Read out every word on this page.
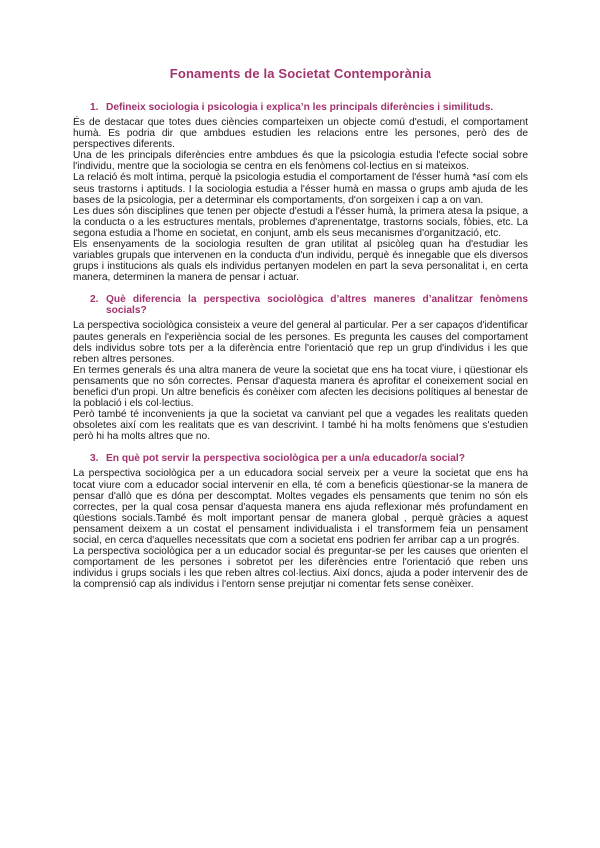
Fonaments de la Societat Contemporània
1. Defineix sociologia i psicologia i explica’n les principals diferències i similituds.

És de destacar que totes dues ciències comparteixen un objecte comú d'estudi, el comportament humà. Es podria dir que ambdues estudien les relacions entre les persones, però des de perspectives diferents.

Una de les principals diferències entre ambdues és que la psicologia estudia l'efecte social sobre l'individu, mentre que la sociologia se centra en els fenòmens col·lectius en si mateixos.

La relació és molt íntima, perquè la psicologia estudia el comportament de l'ésser humà *así com els seus trastorns i aptituds. I la sociologia estudia a l'ésser humà en massa o grups amb ajuda de les bases de la psicologia, per a determinar els comportaments, d'on sorgeixen i cap a on van.

Les dues són disciplines que tenen per objecte d'estudi a l'ésser humà, la primera atesa la psique, a la conducta o a les estructures mentals, problemes d'aprenentatge, trastorns socials, fòbies, etc. La segona estudia a l'home en societat, en conjunt, amb els seus mecanismes d'organització, etc.

Els ensenyaments de la sociologia resulten de gran utilitat al psicòleg quan ha d'estudiar les variables grupals que intervenen en la conducta d'un individu, perquè és innegable que els diversos grups i institucions als quals els individus pertanyen modelen en part la seva personalitat i, en certa manera, determinen la manera de pensar i actuar.

2. Què diferencia la perspectiva sociològica d’altres maneres d’analitzar fenòmens socials?

La perspectiva sociològica consisteix a veure del general al particular. Per a ser capaços d'identificar pautes generals en l'experiència social de les persones. Es pregunta les causes del comportament dels individus sobre tots per a la diferència entre l'orientació que rep un grup d'individus i les que reben altres persones.

En termes generals és una altra manera de veure la societat que ens ha tocat viure, i qüestionar els pensaments que no són correctes. Pensar d'aquesta manera és aprofitar el coneixement social en benefici d'un propi. Un altre beneficis és conèixer com afecten les decisions polítiques al benestar de la població i els col·lectius.

Però també té inconvenients ja que la societat va canviant pel que a vegades les realitats queden obsoletes així com les realitats que es van descrivint. I també hi ha molts fenòmens que s'estudien però hi ha molts altres que no.

3. En què pot servir la perspectiva sociològica per a un/a educador/a social?

La perspectiva sociològica per a un educadora social serveix per a veure la societat que ens ha tocat viure com a educador social intervenir en ella, té com a beneficis qüestionar-se la manera de pensar d'allò que es dóna per descomptat. Moltes vegades els pensaments que tenim no són els correctes, per la qual cosa pensar d'aquesta manera ens ajuda reflexionar més profundament en qüestions socials.També és molt important pensar de manera global , perquè gràcies a aquest pensament deixem a un costat el pensament individualista i el transformem feia un pensament social, en cerca d'aquelles necessitats que com a societat ens podrien fer arribar cap a un progrés.

La perspectiva sociològica per a un educador social és preguntar-se per les causes que orienten el comportament de les persones i sobretot per les diferències entre l'orientació que reben uns individus i grups socials i les que reben altres col·lectius. Així doncs, ajuda a poder intervenir des de la comprensió cap als individus i l'entorn sense prejutjar ni comentar fets sense conèixer.
